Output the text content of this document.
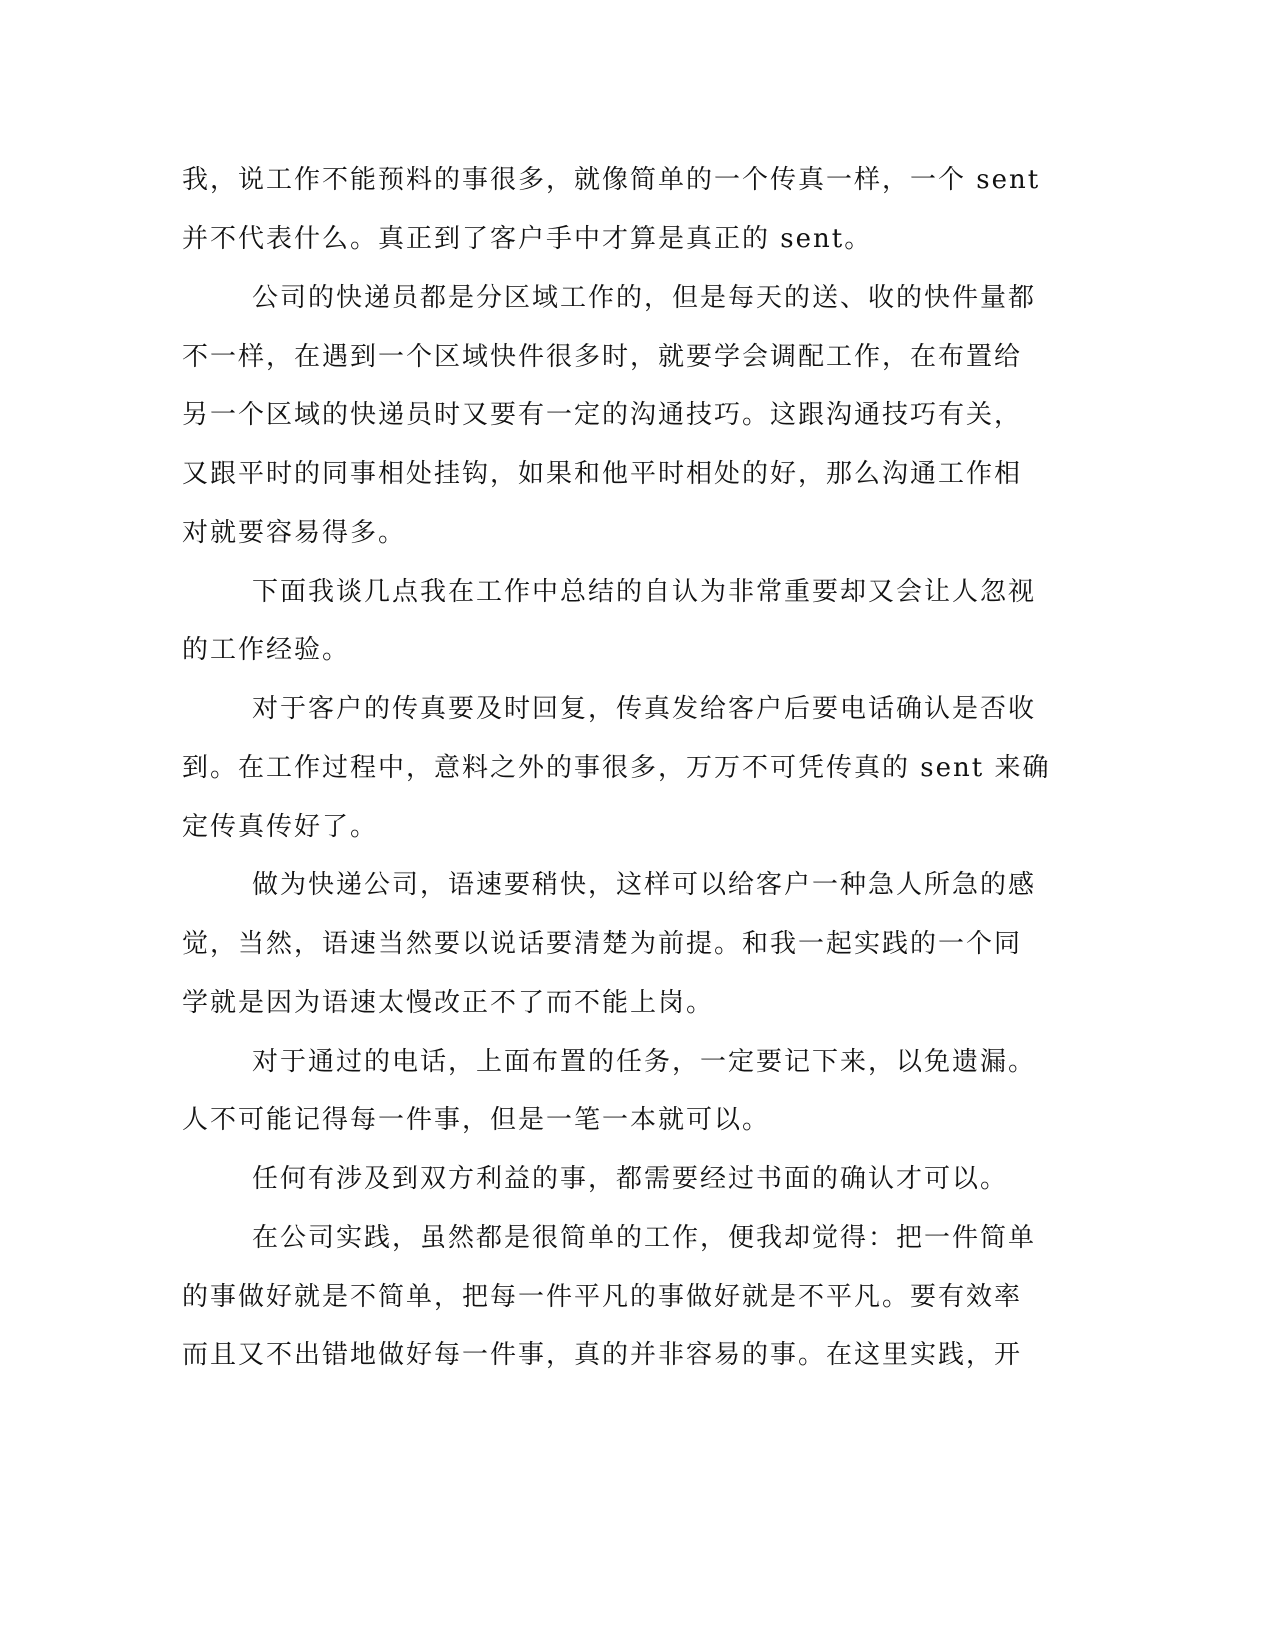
我，说工作不能预料的事很多，就像简单的一个传真一样，一个 sent
并不代表什么。真正到了客户手中才算是真正的 sent。
公司的快递员都是分区域工作的，但是每天的送、收的快件量都
不一样，在遇到一个区域快件很多时，就要学会调配工作，在布置给
另一个区域的快递员时又要有一定的沟通技巧。这跟沟通技巧有关，
又跟平时的同事相处挂钩，如果和他平时相处的好，那么沟通工作相
对就要容易得多。
下面我谈几点我在工作中总结的自认为非常重要却又会让人忽视
的工作经验。
对于客户的传真要及时回复，传真发给客户后要电话确认是否收
到。在工作过程中，意料之外的事很多，万万不可凭传真的 sent 来确
定传真传好了。
做为快递公司，语速要稍快，这样可以给客户一种急人所急的感
觉，当然，语速当然要以说话要清楚为前提。和我一起实践的一个同
学就是因为语速太慢改正不了而不能上岗。
对于通过的电话，上面布置的任务，一定要记下来，以免遗漏。
人不可能记得每一件事，但是一笔一本就可以。
任何有涉及到双方利益的事，都需要经过书面的确认才可以。
在公司实践，虽然都是很简单的工作，便我却觉得：把一件简单
的事做好就是不简单，把每一件平凡的事做好就是不平凡。要有效率
而且又不出错地做好每一件事，真的并非容易的事。在这里实践，开
